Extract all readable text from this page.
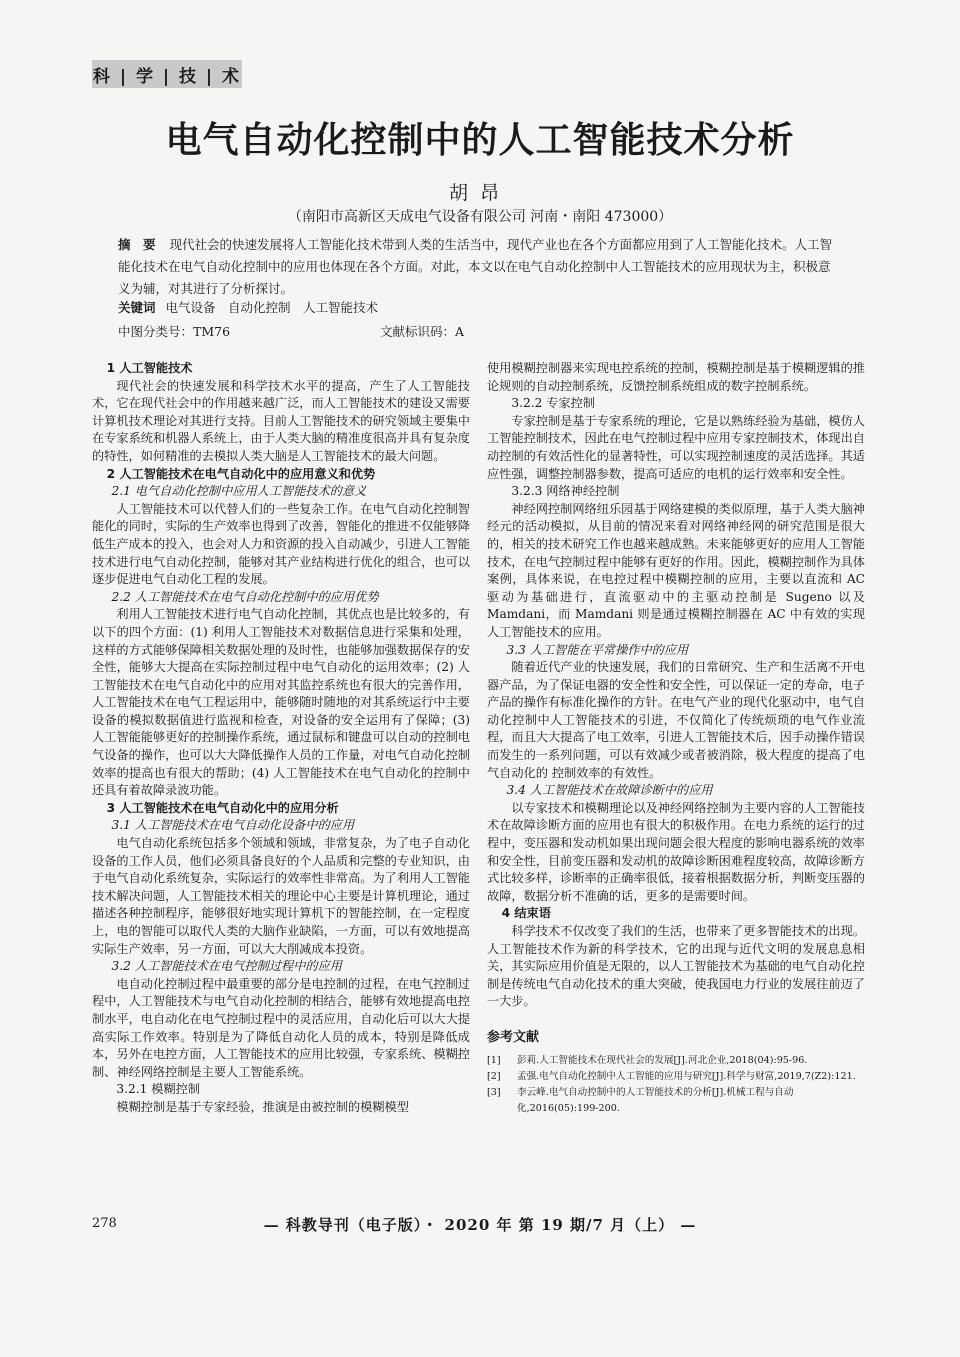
科 | 学 | 技 | 术
电气自动化控制中的人工智能技术分析
胡昂
（南阳市高新区天成电气设备有限公司 河南・南阳 473000）
摘　要 现代社会的快速发展将人工智能化技术带到人类的生活当中，现代产业也在各个方面都应用到了人工智能化技术。人工智能化技术在电气自动化控制中的应用也体现在各个方面。对此，本文以在电气自动化控制中人工智能技术的应用现状为主，积极意义为辅，对其进行了分析探讨。
关键词 电气设备　自动化控制　人工智能技术
中图分类号：TM76	文献标识码：A

1 人工智能技术

现代社会的快速发展和科学技术水平的提高，产生了人工智能技术，它在现代社会中的作用越来越广泛，而人工智能技术的建设又需要计算机技术理论对其进行支持。目前人工智能技术的研究领域主要集中在专家系统和机器人系统上，由于人类大脑的精准度很高并具有复杂度的特性，如何精准的去模拟人类大脑是人工智能技术的最大问题。

2 人工智能技术在电气自动化中的应用意义和优势

2.1 电气自动化控制中应用人工智能技术的意义

人工智能技术可以代替人们的一些复杂工作。在电气自动化控制智能化的同时，实际的生产效率也得到了改善，智能化的推进不仅能够降低生产成本的投入，也会对人力和资源的投入自动减少，引进人工智能技术进行电气自动化控制，能够对其产业结构进行优化的组合，也可以逐步促进电气自动化工程的发展。

2.2 人工智能技术在电气自动化控制中的应用优势

利用人工智能技术进行电气自动化控制，其优点也是比较多的，有以下的四个方面：(1) 利用人工智能技术对数据信息进行采集和处理，这样的方式能够保障相关数据处理的及时性，也能够加强数据保存的安全性，能够大大提高在实际控制过程中电气自动化的运用效率；(2) 人工智能技术在电气自动化中的应用对其监控系统也有很大的完善作用，人工智能技术在电气工程运用中，能够随时随地的对其系统运行中主要设备的模拟数据值进行监视和检查，对设备的安全运用有了保障；(3) 人工智能能够更好的控制操作系统，通过鼠标和键盘可以自动的控制电气设备的操作，也可以大大降低操作人员的工作量，对电气自动化控制效率的提高也有很大的帮助；(4) 人工智能技术在电气自动化的控制中还具有着故障录波功能。

3 人工智能技术在电气自动化中的应用分析

3.1 人工智能技术在电气自动化设备中的应用

电气自动化系统包括多个领域和领域，非常复杂，为了电子自动化设备的工作人员，他们必须具备良好的个人品质和完整的专业知识，由于电气自动化系统复杂，实际运行的效率性非常高。为了利用人工智能技术解决问题，人工智能技术相关的理论中心主要是计算机理论，通过描述各种控制程序，能够很好地实现计算机下的智能控制，在一定程度上，电的智能可以取代人类的大脑作业缺陷，一方面，可以有效地提高实际生产效率，另一方面，可以大大削减成本投资。

3.2 人工智能技术在电气控制过程中的应用

电自动化控制过程中最重要的部分是电控制的过程，在电气控制过程中，人工智能技术与电气自动化控制的相结合，能够有效地提高电控制水平，电自动化在电气控制过程中的灵活应用，自动化后可以大大提高实际工作效率。特别是为了降低自动化人员的成本，特别是降低成本，另外在电控方面，人工智能技术的应用比较强，专家系统、模糊控制、神经网络控制是主要人工智能系统。

3.2.1 模糊控制

模糊控制是基于专家经验，推演是由被控制的模糊模型

使用模糊控制器来实现电控系统的控制，模糊控制是基于模糊逻辑的推论规则的自动控制系统，反馈控制系统组成的数字控制系统。

3.2.2 专家控制

专家控制是基于专家系统的理论，它是以熟练经验为基础，模仿人工智能控制技术，因此在电气控制过程中应用专家控制技术，体现出自动控制的有效活性化的显著特性，可以实现控制速度的灵活选择。其适应性强，调整控制器参数，提高可适应的电机的运行效率和安全性。

3.2.3 网络神经控制

神经网控制网络纽乐园基于网络建模的类似原理，基于人类大脑神经元的活动模拟，从目前的情况来看对网络神经网的研究范围是很大的，相关的技术研究工作也越来越成熟。未来能够更好的应用人工智能技术，在电气控制过程中能够有更好的作用。因此，模糊控制作为具体案例，具体来说，在电控过程中模糊控制的应用，主要以直流和 AC 驱动为基础进行，直流驱动中的主驱动控制是 Sugeno 以及 Mamdani，而 Mamdani 则是通过模糊控制器在 AC 中有效的实现人工智能技术的应用。

3.3 人工智能在平常操作中的应用

随着近代产业的快速发展，我们的日常研究、生产和生活离不开电器产品，为了保证电器的安全性和安全性，可以保证一定的寿命，电子产品的操作有标准化操作的方针。在电气产业的现代化驱动中，电气自动化控制中人工智能技术的引进，不仅简化了传统烦琐的电气作业流程，而且大大提高了电工效率，引进人工智能技术后，因手动操作错误而发生的一系列问题，可以有效减少或者被消除，极大程度的提高了电气自动化的 控制效率的有效性。

3.4 人工智能技术在故障诊断中的应用

以专家技术和模糊理论以及神经网络控制为主要内容的人工智能技术在故障诊断方面的应用也有很大的积极作用。在电力系统的运行的过程中，变压器和发动机如果出现问题会很大程度的影响电器系统的效率和安全性，目前变压器和发动机的故障诊断困难程度较高，故障诊断方式比较多样，诊断率的正确率很低，接着根据数据分析，判断变压器的故障，数据分析不准确的话，更多的是需要时间。

4 结束语

科学技术不仅改变了我们的生活，也带来了更多智能技术的出现。人工智能技术作为新的科学技术，它的出现与近代文明的发展息息相关，其实际应用价值是无限的，以人工智能技术为基础的电气自动化控制是传统电气自动化技术的重大突破，使我国电力行业的发展往前迈了一大步。

参考文献

[1]	彭莉.人工智能技术在现代社会的发展[J].河北企业,2018(04):95-96.
[2]	孟强.电气自动化控制中人工智能的应用与研究[J].科学与财富,2019,7(Z2):121.
[3]	李云峰.电气自动控制中的人工智能技术的分析[J].机械工程与自动化,2016(05):199-200.
278	— 科教导刊（电子版）・ 2020 年 第 19 期/7 月（上） —
